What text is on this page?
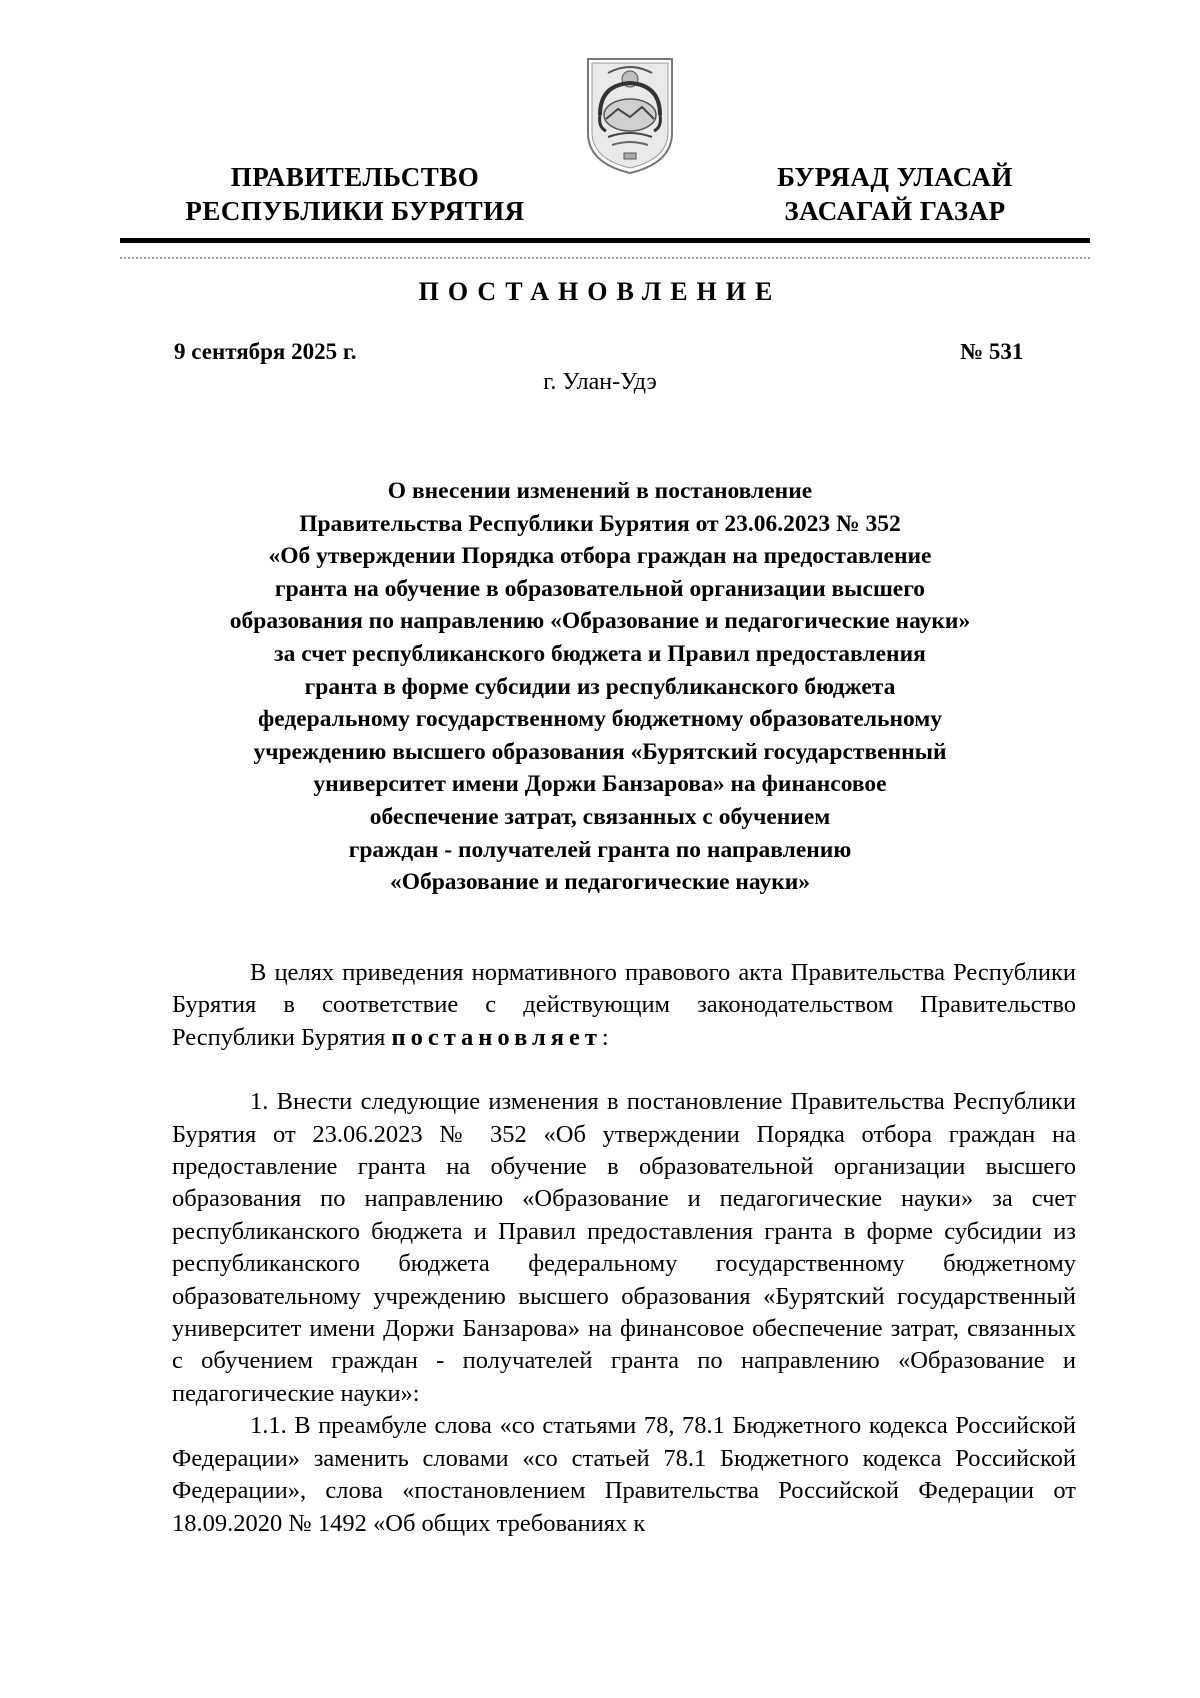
ПРАВИТЕЛЬСТВО
РЕСПУБЛИКИ БУРЯТИЯ
БУРЯАД УЛАСАЙ
ЗАСАГАЙ ГАЗАР
ПОСТАНОВЛЕНИЕ
9 сентября 2025 г.	№ 531
г. Улан-Удэ
О внесении изменений в постановление
Правительства Республики Бурятия от 23.06.2023 № 352
«Об утверждении Порядка отбора граждан на предоставление
гранта на обучение в образовательной организации высшего
образования по направлению «Образование и педагогические науки»
за счет республиканского бюджета и Правил предоставления
гранта в форме субсидии из республиканского бюджета
федеральному государственному бюджетному образовательному
учреждению высшего образования «Бурятский государственный
университет имени Доржи Банзарова» на финансовое
обеспечение затрат, связанных с обучением
граждан - получателей гранта по направлению
«Образование и педагогические науки»

В целях приведения нормативного правового акта Правительства Республики Бурятия в соответствие с действующим законодательством Правительство Республики Бурятия постановляет:

1. Внести следующие изменения в постановление Правительства Республики Бурятия от 23.06.2023 № 352 «Об утверждении Порядка отбора граждан на предоставление гранта на обучение в образовательной организации высшего образования по направлению «Образование и педагогические науки» за счет республиканского бюджета и Правил предоставления гранта в форме субсидии из республиканского бюджета федеральному государственному бюджетному образовательному учреждению высшего образования «Бурятский государственный университет имени Доржи Банзарова» на финансовое обеспечение затрат, связанных с обучением граждан - получателей гранта по направлению «Образование и педагогические науки»:

1.1. В преамбуле слова «со статьями 78, 78.1 Бюджетного кодекса Российской Федерации» заменить словами «со статьей 78.1 Бюджетного кодекса Российской Федерации», слова «постановлением Правительства Российской Федерации от 18.09.2020 № 1492 «Об общих требованиях к
